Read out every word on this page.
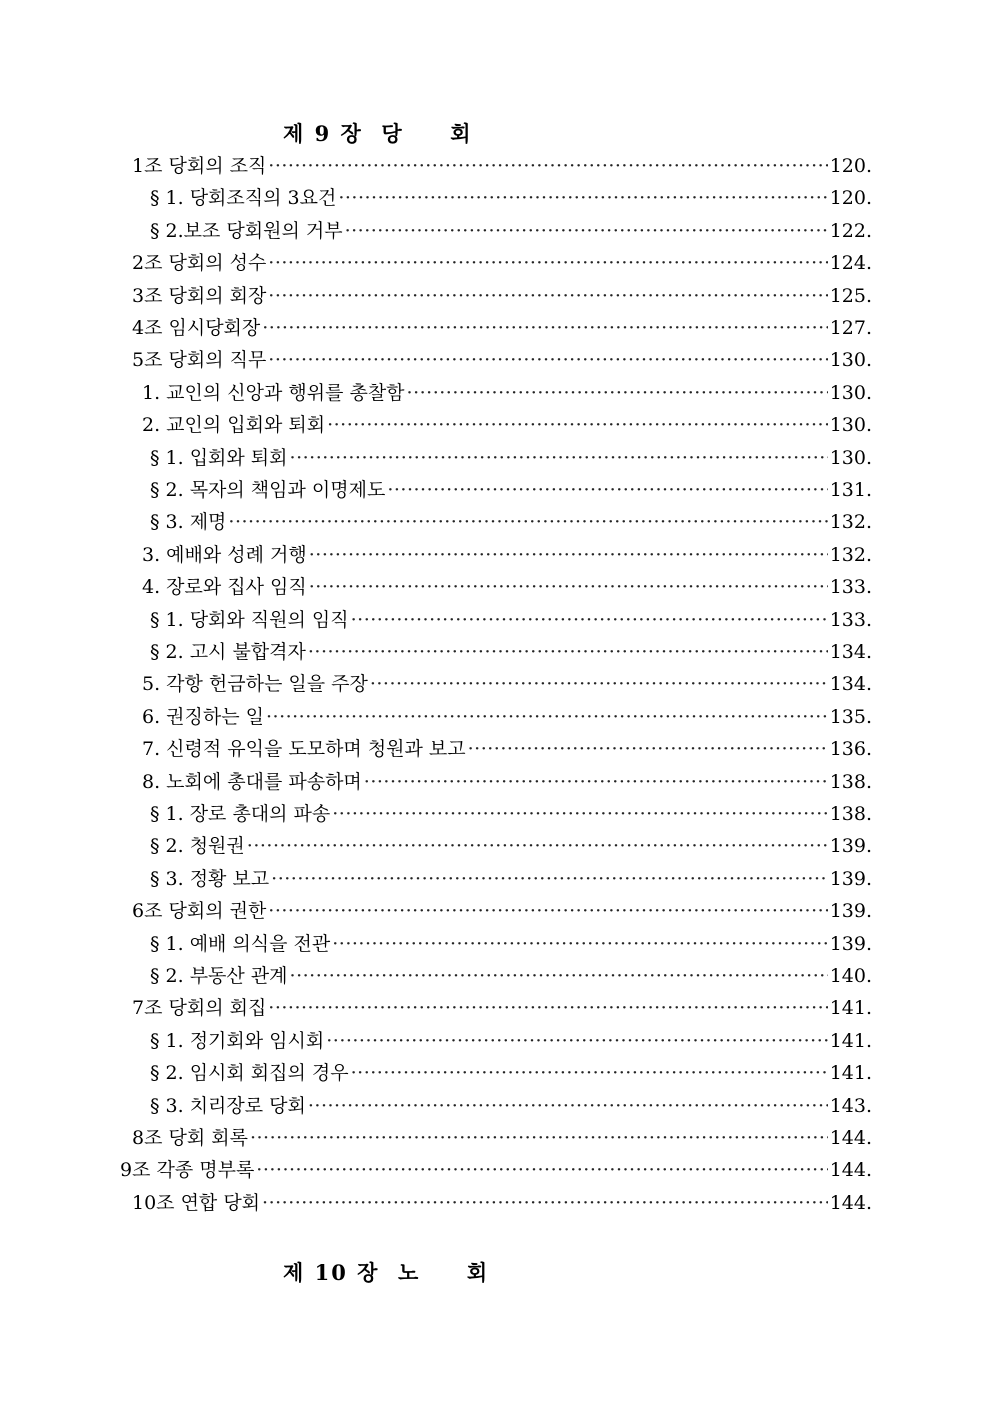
제 9 장  당     회
1조 당회의 조직 ·····	120.
§ 1. 당회조직의 3요건 ·····	120.
§ 2.보조 당회원의 거부 ·····	122.
2조 당회의 성수 ·····	124.
3조 당회의 회장 ·····	125.
4조 임시당회장 ·····	127.
5조 당회의 직무 ·····	130.
1. 교인의 신앙과 행위를 총찰함 ·····	130.
2. 교인의 입회와 퇴회 ·····	130.
§ 1. 입회와 퇴회 ·····	130.
§ 2. 목자의 책임과 이명제도 ·····	131.
§ 3. 제명 ·····	132.
3. 예배와 성례 거행 ·····	132.
4. 장로와 집사 임직 ·····	133.
§ 1. 당회와 직원의 임직 ·····	133.
§ 2. 고시 불합격자 ·····	134.
5. 각항 헌금하는 일을 주장 ·····	134.
6. 권징하는 일 ·····	135.
7. 신령적 유익을 도모하며 청원과 보고 ·····	136.
8. 노회에 총대를 파송하며 ·····	138.
§ 1. 장로 총대의 파송 ·····	138.
§ 2. 청원권 ·····	139.
§ 3. 정황 보고 ·····	139.
6조 당회의 권한 ·····	139.
§ 1. 예배 의식을 전관 ·····	139.
§ 2. 부동산 관계 ·····	140.
7조 당회의 회집 ·····	141.
§ 1. 정기회와 임시회 ·····	141.
§ 2. 임시회 회집의 경우 ·····	141.
§ 3. 치리장로 당회 ·····	143.
8조 당회 회록 ·····	144.
9조 각종 명부록 ·····	144.
10조 연합 당회 ·····	144.
제 10 장  노     회
